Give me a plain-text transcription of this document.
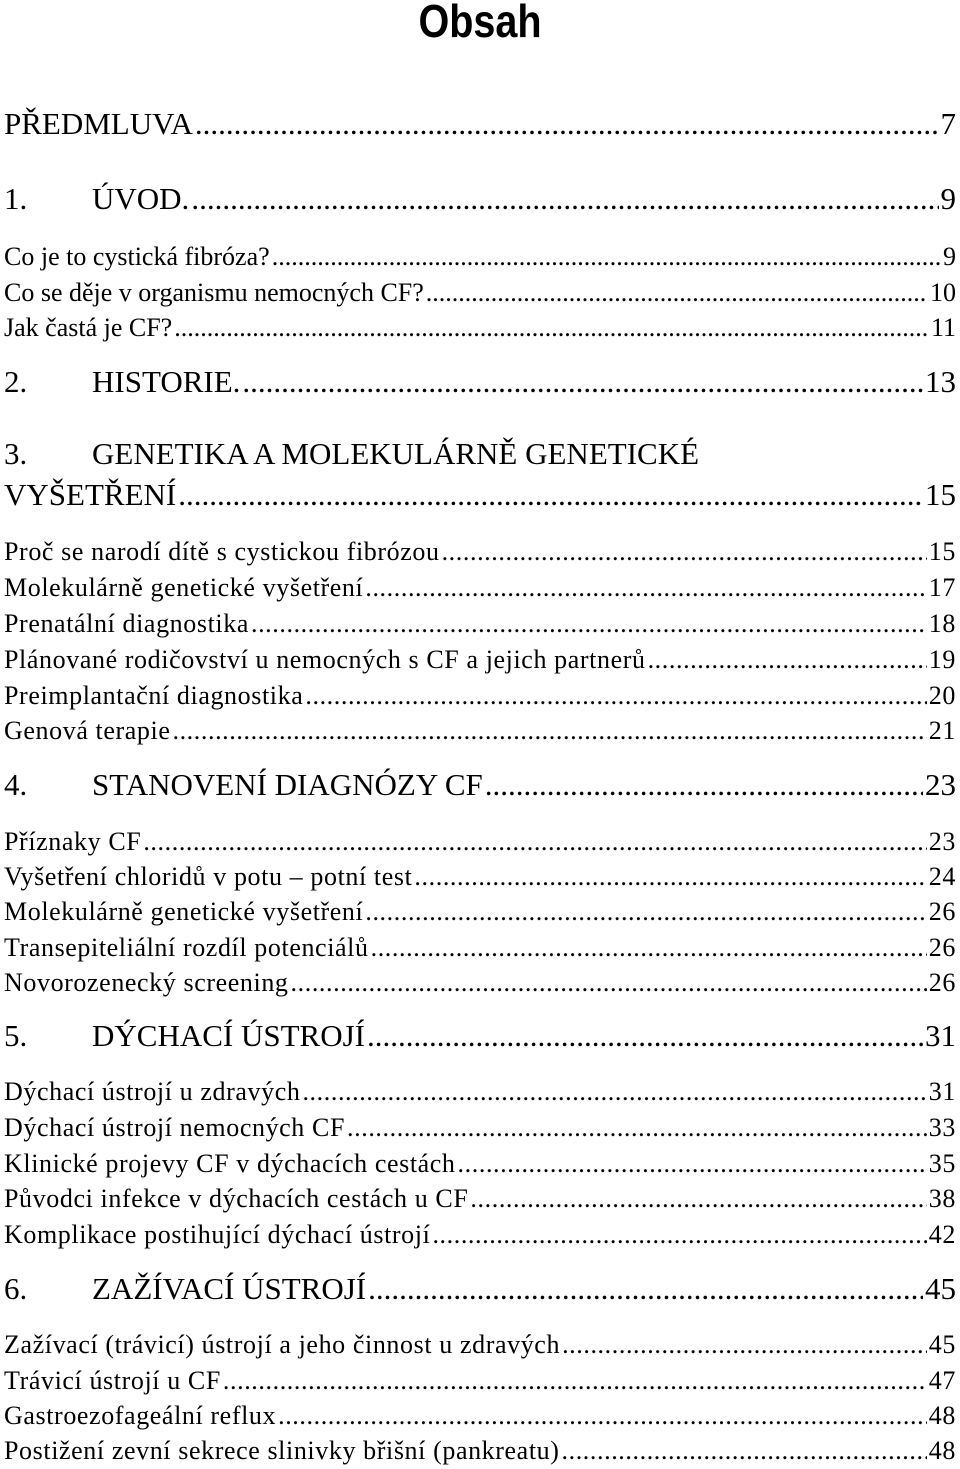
Obsah
PŘEDMLUVA .....	7
1.	ÚVOD. .....	9
Co je to cystická fibróza? .....	9
Co se děje v organismu nemocných CF? .....	10
Jak častá je CF? .....	11
2.	HISTORIE. .....	13
3. GENETIKA A MOLEKULÁRNĚ GENETICKÉ
VYŠETŘENÍ .....	15
Proč se narodí dítě s cystickou fibrózou .....	15
Molekulárně genetické vyšetření .....	17
Prenatální diagnostika .....	18
Plánované rodičovství u nemocných s CF a jejich partnerů .....	19
Preimplantační diagnostika .....	20
Genová terapie .....	21
4.	STANOVENÍ DIAGNÓZY CF .....	23
Příznaky CF .....	23
Vyšetření chloridů v potu – potní test .....	24
Molekulárně genetické vyšetření .....	26
Transepiteliální rozdíl potenciálů .....	26
Novorozenecký screening .....	26
5.	DÝCHACÍ ÚSTROJÍ .....	31
Dýchací ústrojí u zdravých .....	31
Dýchací ústrojí nemocných CF .....	33
Klinické projevy CF v dýchacích cestách .....	35
Původci infekce v dýchacích cestách u CF .....	38
Komplikace postihující dýchací ústrojí .....	42
6.	ZAŽÍVACÍ ÚSTROJÍ .....	45
Zažívací (trávicí) ústrojí a jeho činnost u zdravých .....	45
Trávicí ústrojí u CF .....	47
Gastroezofageální reflux .....	48
Postižení zevní sekrece slinivky břišní (pankreatu) .....	48
